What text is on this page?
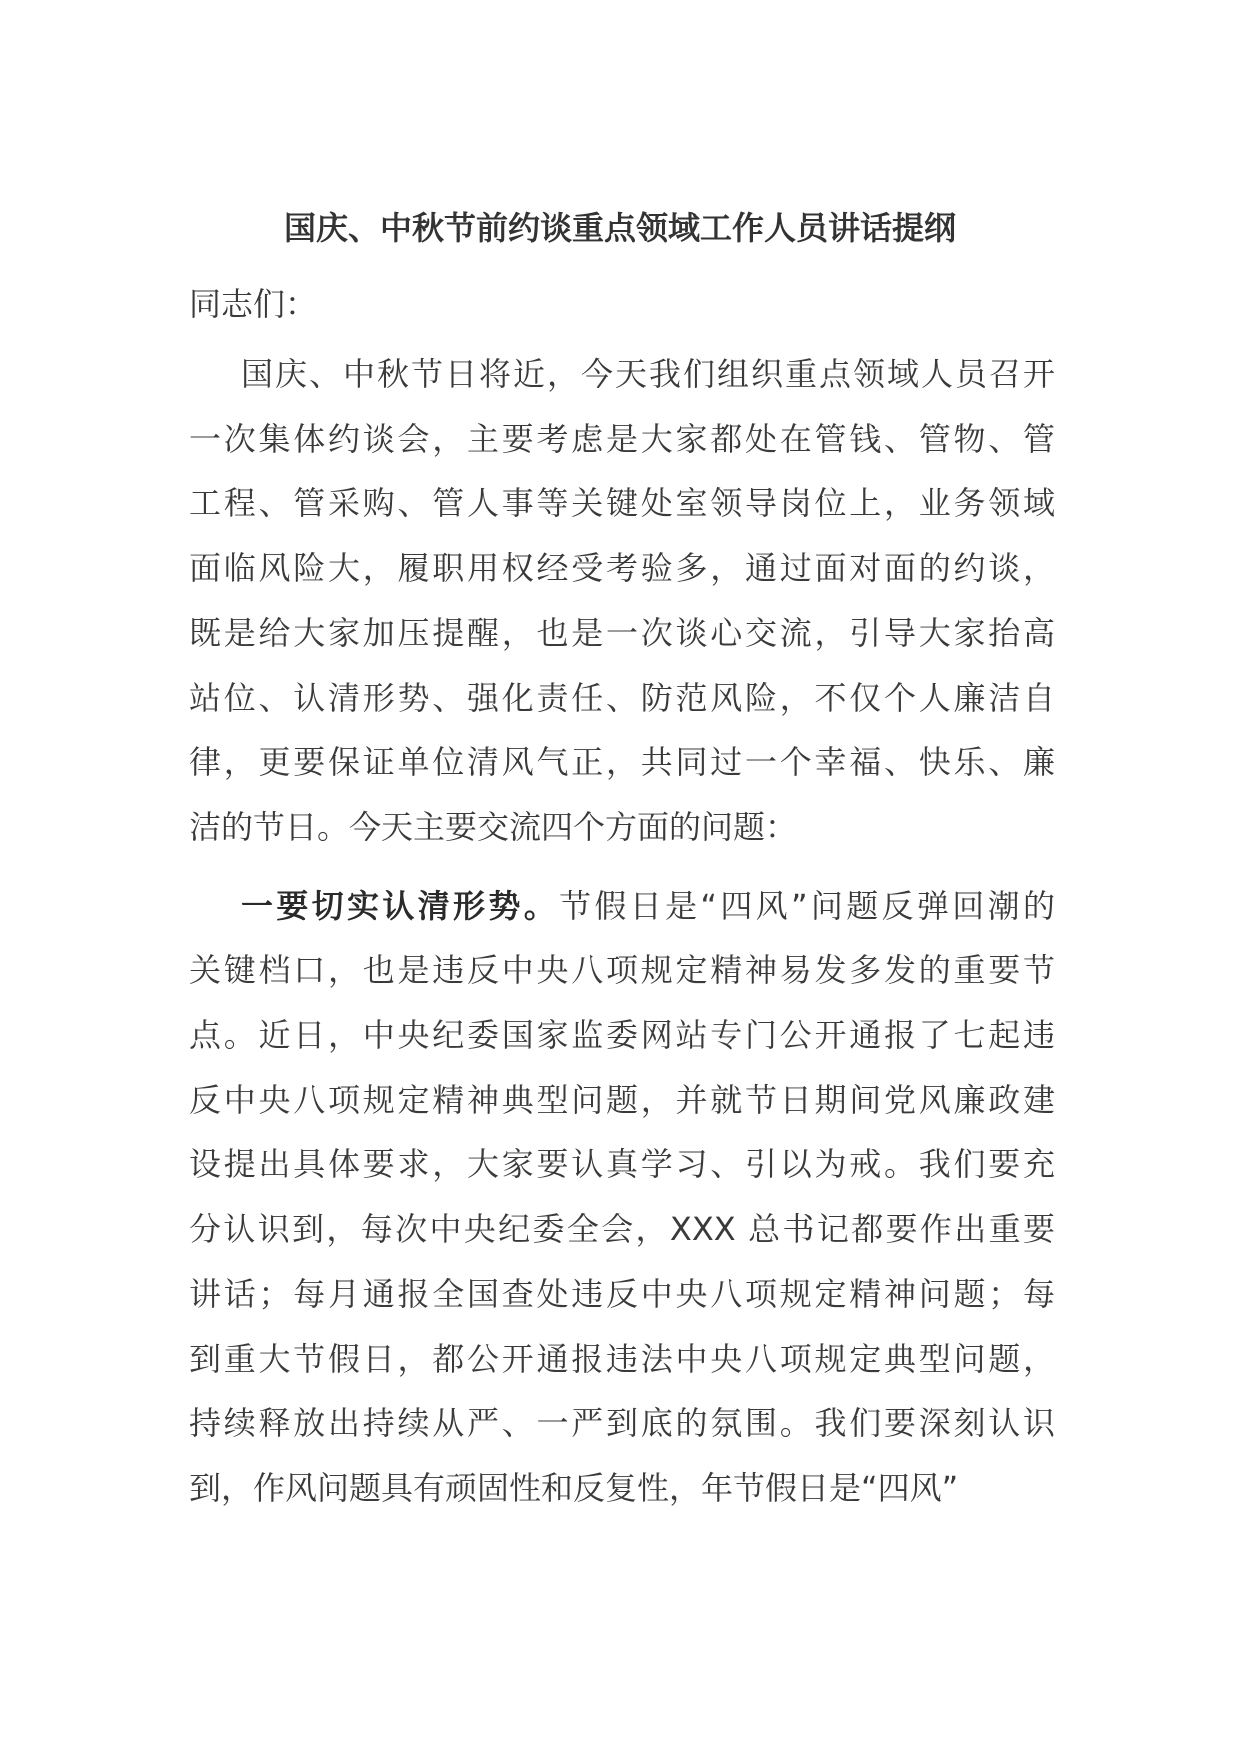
国庆、中秋节前约谈重点领域工作人员讲话提纲
同志们：
国庆、中秋节日将近，今天我们组织重点领域人员召开
一次集体约谈会，主要考虑是大家都处在管钱、管物、管
工程、管采购、管人事等关键处室领导岗位上，业务领域
面临风险大，履职用权经受考验多，通过面对面的约谈，
既是给大家加压提醒，也是一次谈心交流，引导大家抬高
站位、认清形势、强化责任、防范风险，不仅个人廉洁自
律，更要保证单位清风气正，共同过一个幸福、快乐、廉
洁的节日。今天主要交流四个方面的问题：
一要切实认清形势。节假日是“四风”问题反弹回潮的
关键档口，也是违反中央八项规定精神易发多发的重要节
点。近日，中央纪委国家监委网站专门公开通报了七起违
反中央八项规定精神典型问题，并就节日期间党风廉政建
设提出具体要求，大家要认真学习、引以为戒。我们要充
分认识到，每次中央纪委全会，XXX 总书记都要作出重要
讲话；每月通报全国查处违反中央八项规定精神问题；每
到重大节假日，都公开通报违法中央八项规定典型问题，
持续释放出持续从严、一严到底的氛围。我们要深刻认识
到，作风问题具有顽固性和反复性，年节假日是“四风”
